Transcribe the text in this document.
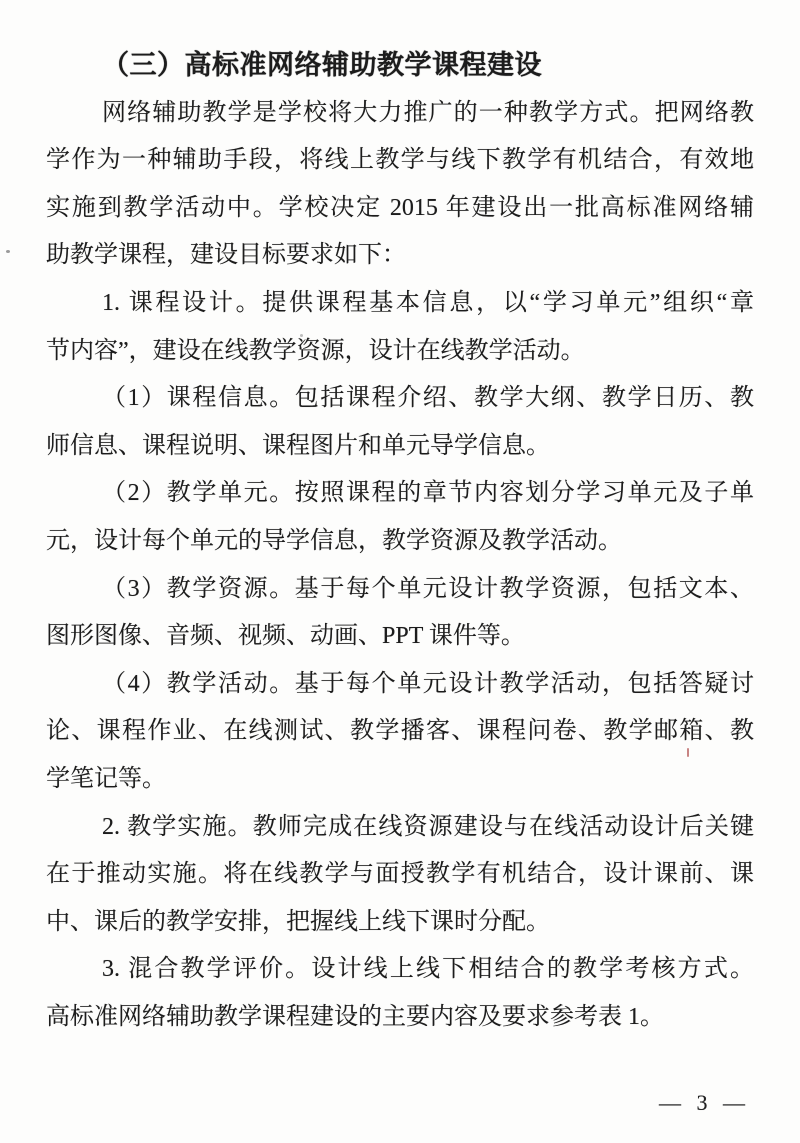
（三）高标准网络辅助教学课程建设
网络辅助教学是学校将大力推广的一种教学方式。把网络教
学作为一种辅助手段，将线上教学与线下教学有机结合，有效地
实施到教学活动中。学校决定 2015 年建设出一批高标准网络辅
助教学课程，建设目标要求如下：
1. 课程设计。提供课程基本信息，以“学习单元”组织“章
节内容”，建设在线教学资源，设计在线教学活动。
（1）课程信息。包括课程介绍、教学大纲、教学日历、教
师信息、课程说明、课程图片和单元导学信息。
（2）教学单元。按照课程的章节内容划分学习单元及子单
元，设计每个单元的导学信息，教学资源及教学活动。
（3）教学资源。基于每个单元设计教学资源，包括文本、
图形图像、音频、视频、动画、PPT 课件等。
（4）教学活动。基于每个单元设计教学活动，包括答疑讨
论、课程作业、在线测试、教学播客、课程问卷、教学邮箱、教
学笔记等。
2. 教学实施。教师完成在线资源建设与在线活动设计后关键
在于推动实施。将在线教学与面授教学有机结合，设计课前、课
中、课后的教学安排，把握线上线下课时分配。
3. 混合教学评价。设计线上线下相结合的教学考核方式。
高标准网络辅助教学课程建设的主要内容及要求参考表 1。
— 3 —
